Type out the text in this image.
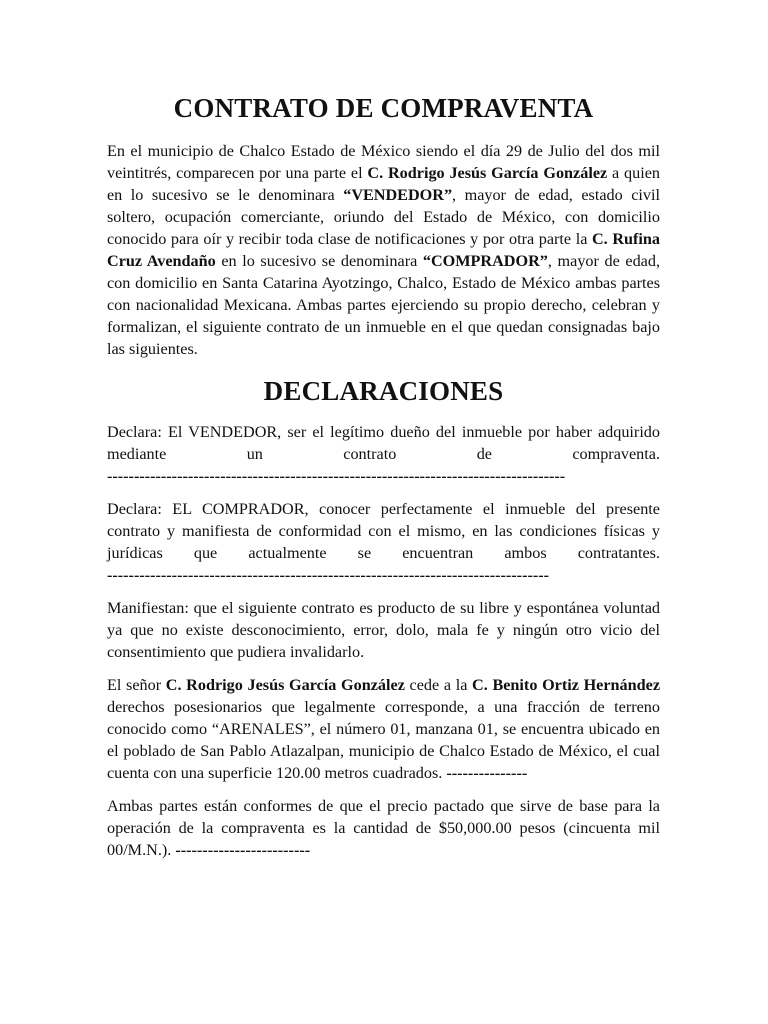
CONTRATO DE COMPRAVENTA

En el municipio de Chalco Estado de México siendo el día 29 de Julio del dos mil veintitrés, comparecen por una parte el C. Rodrigo Jesús García González a quien en lo sucesivo se le denominara “VENDEDOR”, mayor de edad, estado civil soltero, ocupación comerciante, oriundo del Estado de México, con domicilio conocido para oír y recibir toda clase de notificaciones y por otra parte la C. Rufina Cruz Avendaño en lo sucesivo se denominara “COMPRADOR”, mayor de edad, con domicilio en Santa Catarina Ayotzingo, Chalco, Estado de México ambas partes con nacionalidad Mexicana. Ambas partes ejerciendo su propio derecho, celebran y formalizan, el siguiente contrato de un inmueble en el que quedan consignadas bajo las siguientes.

DECLARACIONES

Declara: El VENDEDOR, ser el legítimo dueño del inmueble por haber adquirido mediante un contrato de compraventa.

-------------------------------------------------------------------------------------

Declara: EL COMPRADOR, conocer perfectamente el inmueble del presente contrato y manifiesta de conformidad con el mismo, en las condiciones físicas y jurídicas que actualmente se encuentran ambos contratantes.

----------------------------------------------------------------------------------

Manifiestan: que el siguiente contrato es producto de su libre y espontánea voluntad ya que no existe desconocimiento, error, dolo, mala fe y ningún otro vicio del consentimiento que pudiera invalidarlo.

El señor C. Rodrigo Jesús García González cede a la C. Benito Ortiz Hernández derechos posesionarios que legalmente corresponde, a una fracción de terreno conocido como “ARENALES”, el número 01, manzana 01, se encuentra ubicado en el poblado de San Pablo Atlazalpan, municipio de Chalco Estado de México, el cual cuenta con una superficie 120.00 metros cuadrados. ---------------

Ambas partes están conformes de que el precio pactado que sirve de base para la operación de la compraventa es la cantidad de $50,000.00 pesos (cincuenta mil 00/M.N.). -------------------------
